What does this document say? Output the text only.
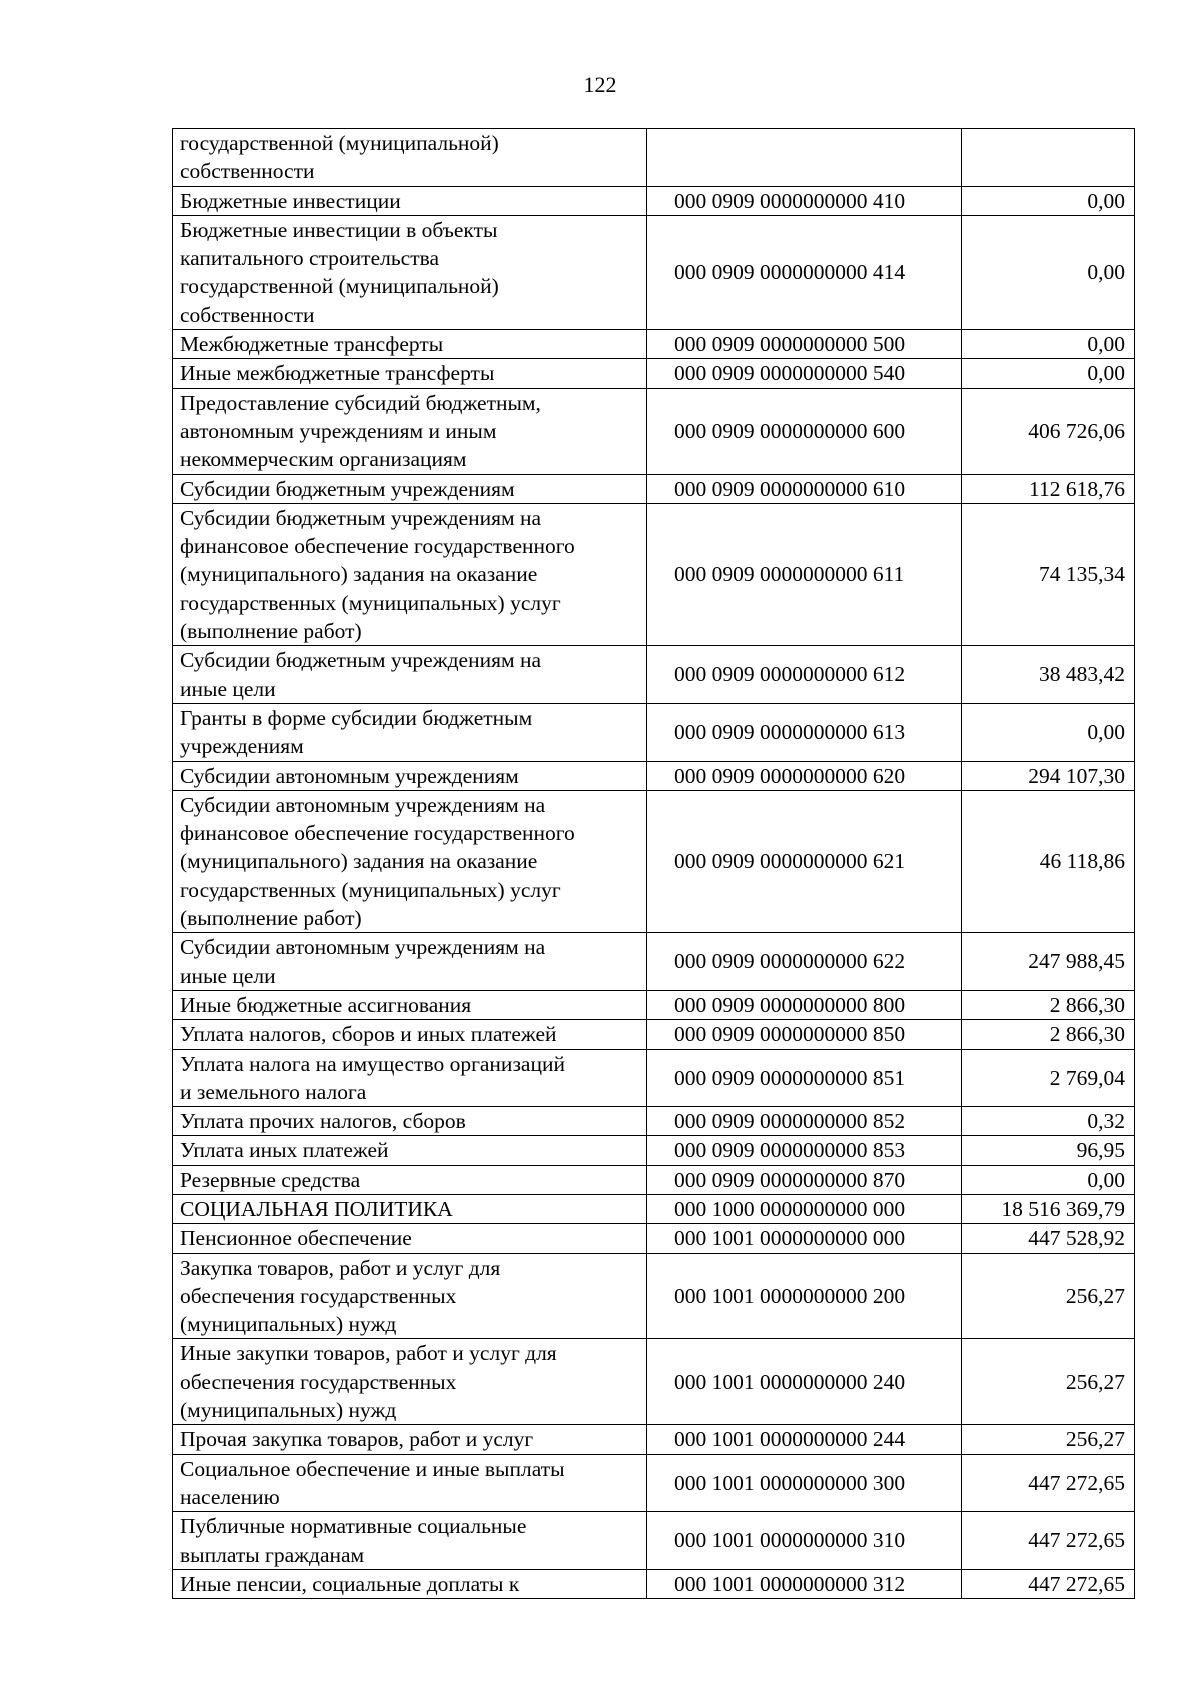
122
государственной (муниципальной)
собственности		
Бюджетные инвестиции	000 0909 0000000000 410	0,00
Бюджетные инвестиции в объекты
капитального строительства
государственной (муниципальной)
собственности	000 0909 0000000000 414	0,00
Межбюджетные трансферты	000 0909 0000000000 500	0,00
Иные межбюджетные трансферты	000 0909 0000000000 540	0,00
Предоставление субсидий бюджетным,
автономным учреждениям и иным
некоммерческим организациям	000 0909 0000000000 600	406 726,06
Субсидии бюджетным учреждениям	000 0909 0000000000 610	112 618,76
Субсидии бюджетным учреждениям на
финансовое обеспечение государственного
(муниципального) задания на оказание
государственных (муниципальных) услуг
(выполнение работ)	000 0909 0000000000 611	74 135,34
Субсидии бюджетным учреждениям на
иные цели	000 0909 0000000000 612	38 483,42
Гранты в форме субсидии бюджетным
учреждениям	000 0909 0000000000 613	0,00
Субсидии автономным учреждениям	000 0909 0000000000 620	294 107,30
Субсидии автономным учреждениям на
финансовое обеспечение государственного
(муниципального) задания на оказание
государственных (муниципальных) услуг
(выполнение работ)	000 0909 0000000000 621	46 118,86
Субсидии автономным учреждениям на
иные цели	000 0909 0000000000 622	247 988,45
Иные бюджетные ассигнования	000 0909 0000000000 800	2 866,30
Уплата налогов, сборов и иных платежей	000 0909 0000000000 850	2 866,30
Уплата налога на имущество организаций
и земельного налога	000 0909 0000000000 851	2 769,04
Уплата прочих налогов, сборов	000 0909 0000000000 852	0,32
Уплата иных платежей	000 0909 0000000000 853	96,95
Резервные средства	000 0909 0000000000 870	0,00
СОЦИАЛЬНАЯ ПОЛИТИКА	000 1000 0000000000 000	18 516 369,79
Пенсионное обеспечение	000 1001 0000000000 000	447 528,92
Закупка товаров, работ и услуг для
обеспечения государственных
(муниципальных) нужд	000 1001 0000000000 200	256,27
Иные закупки товаров, работ и услуг для
обеспечения государственных
(муниципальных) нужд	000 1001 0000000000 240	256,27
Прочая закупка товаров, работ и услуг	000 1001 0000000000 244	256,27
Социальное обеспечение и иные выплаты
населению	000 1001 0000000000 300	447 272,65
Публичные нормативные социальные
выплаты гражданам	000 1001 0000000000 310	447 272,65
Иные пенсии, социальные доплаты к	000 1001 0000000000 312	447 272,65
